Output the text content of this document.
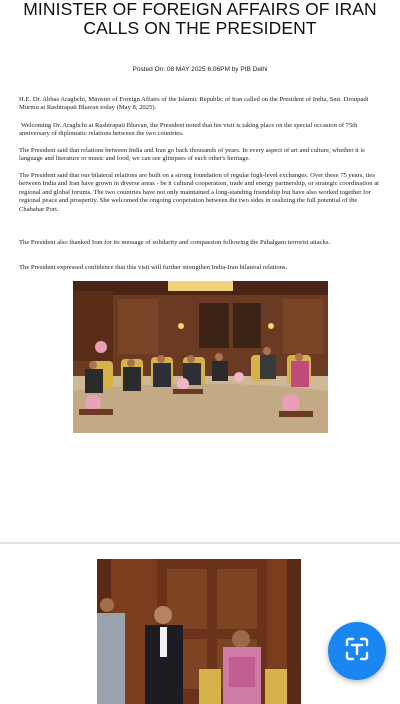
MINISTER OF FOREIGN AFFAIRS OF IRAN CALLS ON THE PRESIDENT
Posted On: 08 MAY 2025 6:06PM by PIB Delhi

H.E. Dr. Abbas Araghchi, Minister of Foreign Affairs of the Islamic Republic of Iran called on the President of India, Smt. Droupadi Murmu at Rashtrapati Bhavan today (May 8, 2025).

Welcoming Dr. Araghchi at Rashtrapati Bhavan, the President noted that his visit is taking place on the special occasion of 75th anniversary of diplomatic relations between the two countries.

The President said that relations between India and Iran go back thousands of years. In every aspect of art and culture, whether it is language and literature or music and food, we can see glimpses of each other's heritage.

The President said that our bilateral relations are built on a strong foundation of regular high-level exchanges. Over these 75 years, ties between India and Iran have grown in diverse areas - be it cultural cooperation, trade and energy partnership, or strategic coordination at regional and global forums. The two countries have not only maintained a long-standing friendship but have also worked together for regional peace and prosperity. She welcomed the ongoing cooperation between the two sides in realizing the full potential of the Chabahar Port.

The President also thanked Iran for its message of solidarity and compassion following the Pahalgam terrorist attacks.

The President expressed confidence that this visit will further strengthen India-Iran bilateral relations.
